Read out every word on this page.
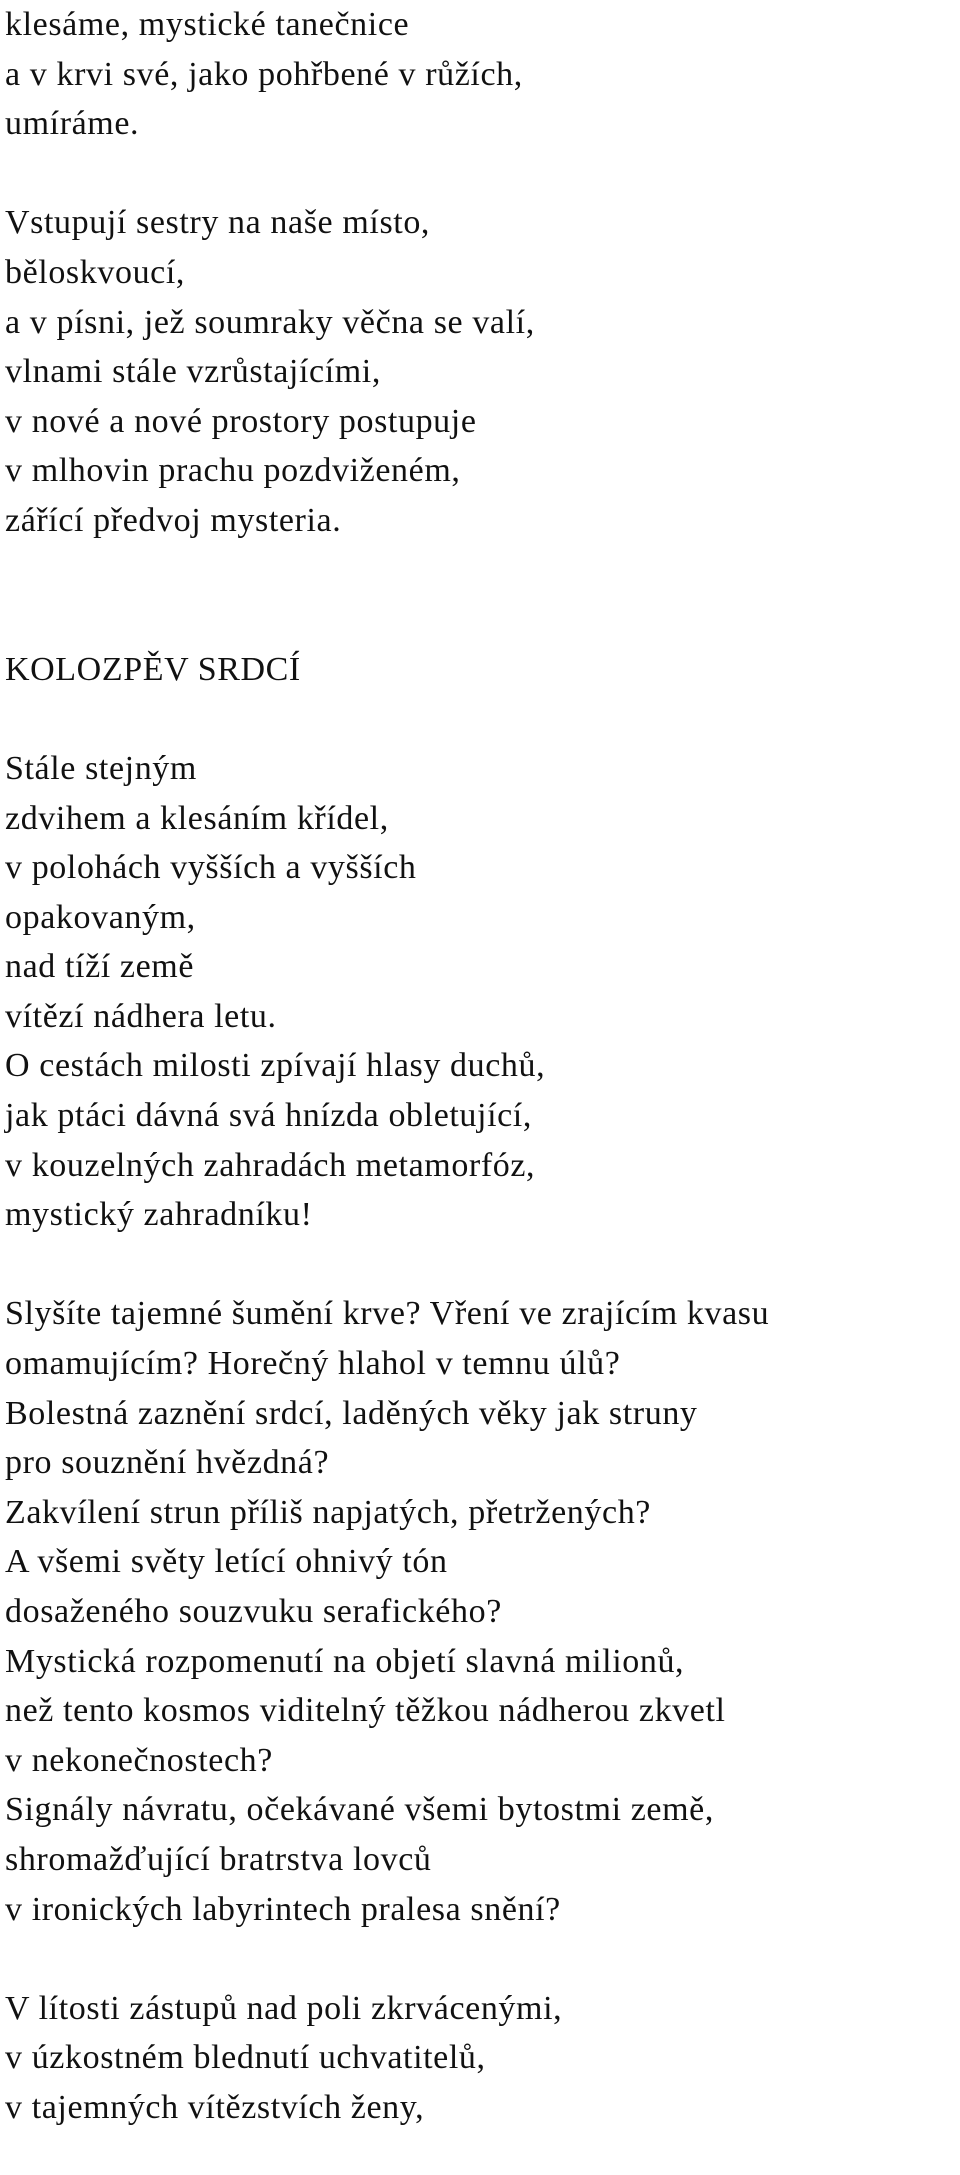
klesáme, mystické tanečnice
a v krvi své, jako pohřbené v růžích,
umíráme.
Vstupují sestry na naše místo,
běloskvoucí,
a v písni, jež soumraky věčna se valí,
vlnami stále vzrůstajícími,
v nové a nové prostory postupuje
v mlhovin prachu pozdviženém,
zářící předvoj mysteria.
KOLOZPĚV SRDCÍ
Stále stejným
zdvihem a klesáním křídel,
v polohách vyšších a vyšších
opakovaným,
nad tíží země
vítězí nádhera letu.
O cestách milosti zpívají hlasy duchů,
jak ptáci dávná svá hnízda obletující,
v kouzelných zahradách metamorfóz,
mystický zahradníku!
Slyšíte tajemné šumění krve? Vření ve zrajícím kvasu
omamujícím? Horečný hlahol v temnu úlů?
Bolestná zaznění srdcí, laděných věky jak struny
pro souznění hvězdná?
Zakvílení strun příliš napjatých, přetržených?
A všemi světy letící ohnivý tón
dosaženého souzvuku serafického?
Mystická rozpomenutí na objetí slavná milionů,
než tento kosmos viditelný těžkou nádherou zkvetl
v nekonečnostech?
Signály návratu, očekávané všemi bytostmi země,
shromažďující bratrstva lovců
v ironických labyrintech pralesa snění?
V lítosti zástupů nad poli zkrvácenými,
v úzkostném blednutí uchvatitelů,
v tajemných vítězstvích ženy,
